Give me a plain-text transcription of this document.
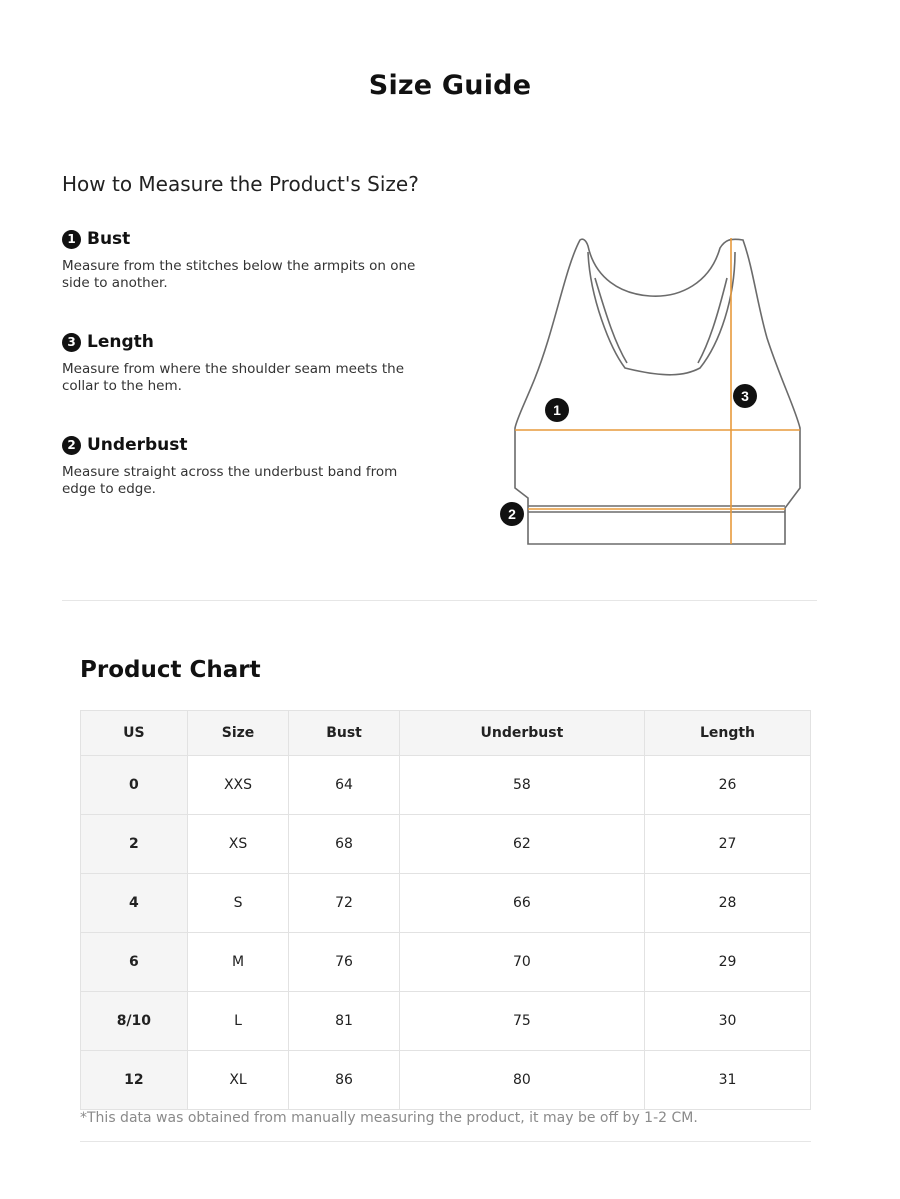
Size Guide
How to Measure the Product's Size?
1 Bust
Measure from the stitches below the armpits on one side to another.
3 Length
Measure from where the shoulder seam meets the collar to the hem.
2 Underbust
Measure straight across the underbust band from edge to edge.
1
3
2
Product Chart
US	Size	Bust	Underbust	Length
0	XXS	64	58	26
2	XS	68	62	27
4	S	72	66	28
6	M	76	70	29
8/10	L	81	75	30
12	XL	86	80	31
*This data was obtained from manually measuring the product, it may be off by 1-2 CM.
